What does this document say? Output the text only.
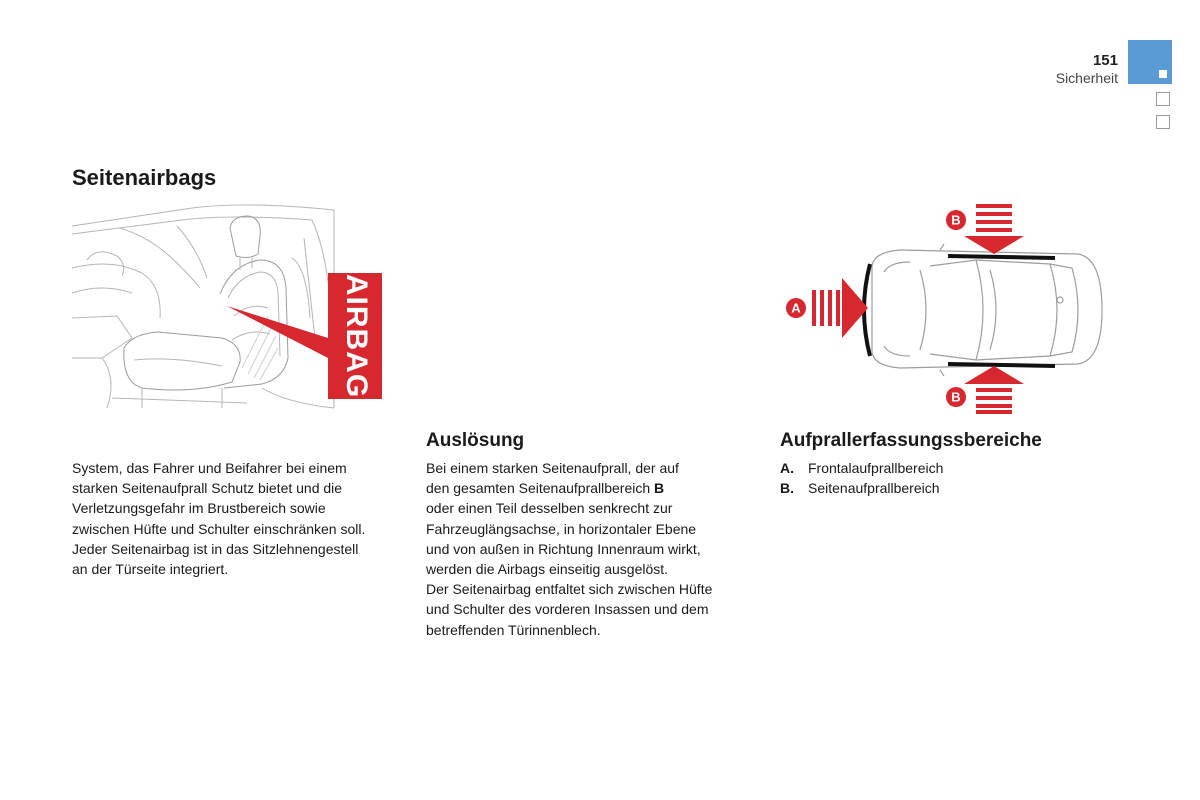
151
Sicherheit
Seitenairbags
AIRBAG

System, das Fahrer und Beifahrer bei einem

starken Seitenaufprall Schutz bietet und die

Verletzungsgefahr im Brustbereich sowie

zwischen Hüfte und Schulter einschränken soll.

Jeder Seitenairbag ist in das Sitzlehnengestell

an der Türseite integriert.

Auslösung

Bei einem starken Seitenaufprall, der auf

den gesamten Seitenaufprallbereich B

oder einen Teil desselben senkrecht zur

Fahrzeuglängsachse, in horizontaler Ebene

und von außen in Richtung Innenraum wirkt,

werden die Airbags einseitig ausgelöst.

Der Seitenairbag entfaltet sich zwischen Hüfte

und Schulter des vorderen Insassen und dem

betreffenden Türinnenblech.

A
B
B
Aufprallerfassungssbereiche
A.	Frontalaufprallbereich
B.	Seitenaufprallbereich
